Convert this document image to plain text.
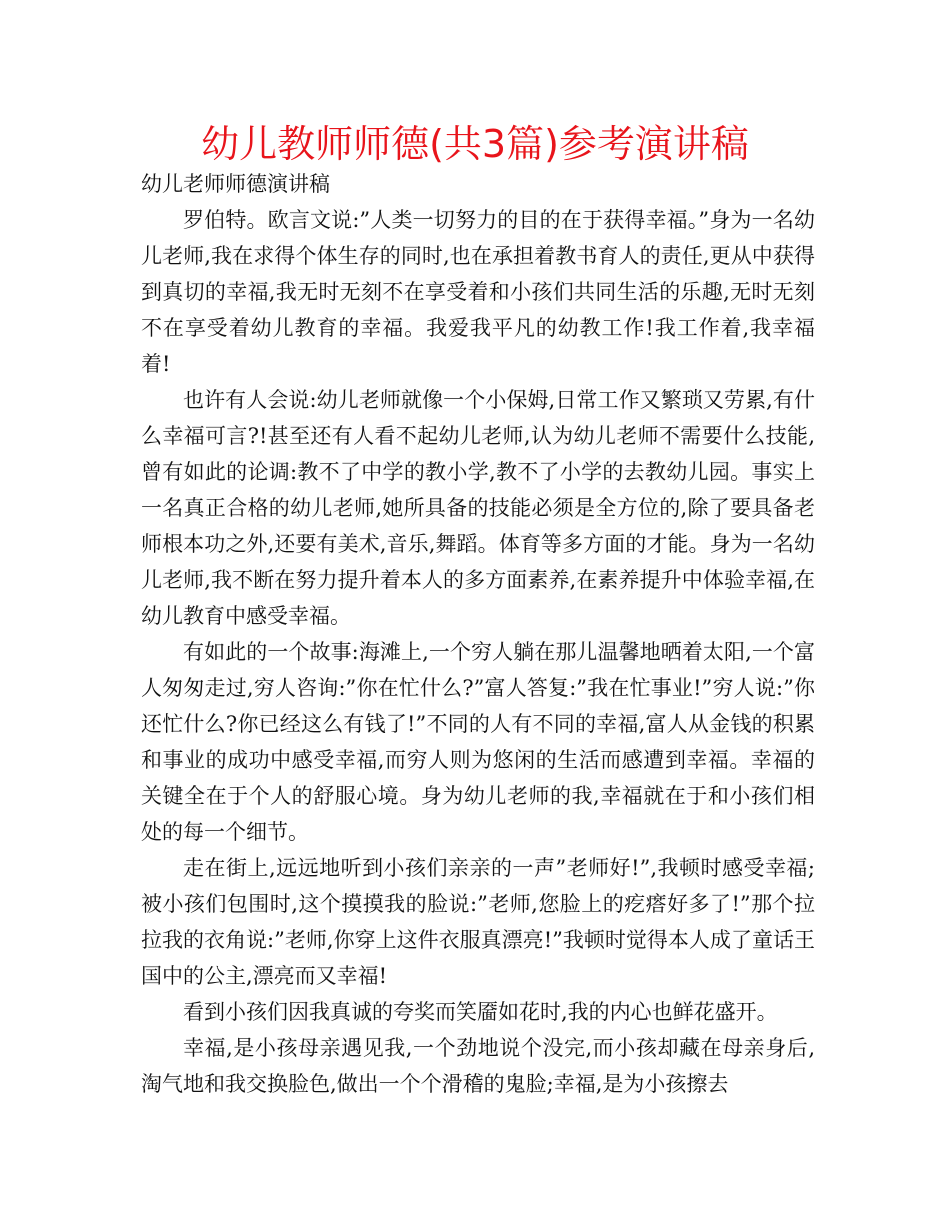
幼儿教师师德(共3篇)参考演讲稿

幼儿老师师德演讲稿

罗伯特。欧言文说:”人类一切努力的目的在于获得幸福。”身为一名幼儿老师,我在求得个体生存的同时,也在承担着教书育人的责任,更从中获得到真切的幸福,我无时无刻不在享受着和小孩们共同生活的乐趣,无时无刻不在享受着幼儿教育的幸福。我爱我平凡的幼教工作!我工作着,我幸福着!

也许有人会说:幼儿老师就像一个小保姆,日常工作又繁琐又劳累,有什么幸福可言?!甚至还有人看不起幼儿老师,认为幼儿老师不需要什么技能,曾有如此的论调:教不了中学的教小学,教不了小学的去教幼儿园。事实上一名真正合格的幼儿老师,她所具备的技能必须是全方位的,除了要具备老师根本功之外,还要有美术,音乐,舞蹈。体育等多方面的才能。身为一名幼儿老师,我不断在努力提升着本人的多方面素养,在素养提升中体验幸福,在幼儿教育中感受幸福。

有如此的一个故事:海滩上,一个穷人躺在那儿温馨地晒着太阳,一个富人匆匆走过,穷人咨询:”你在忙什么?”富人答复:”我在忙事业!”穷人说:”你还忙什么?你已经这么有钱了!”不同的人有不同的幸福,富人从金钱的积累和事业的成功中感受幸福,而穷人则为悠闲的生活而感遭到幸福。幸福的关键全在于个人的舒服心境。身为幼儿老师的我,幸福就在于和小孩们相处的每一个细节。

走在街上,远远地听到小孩们亲亲的一声”老师好!”,我顿时感受幸福;被小孩们包围时,这个摸摸我的脸说:”老师,您脸上的疙瘩好多了!”那个拉拉我的衣角说:”老师,你穿上这件衣服真漂亮!”我顿时觉得本人成了童话王国中的公主,漂亮而又幸福!

看到小孩们因我真诚的夸奖而笑靥如花时,我的内心也鲜花盛开。

幸福,是小孩母亲遇见我,一个劲地说个没完,而小孩却藏在母亲身后,淘气地和我交换脸色,做出一个个滑稽的鬼脸;幸福,是为小孩擦去
